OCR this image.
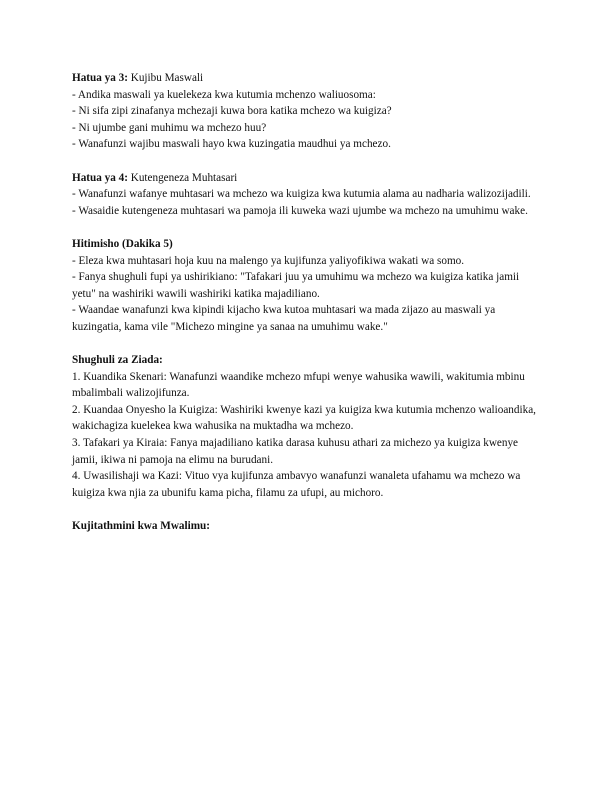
Hatua ya 3: Kujibu Maswali
- Andika maswali ya kuelekeza kwa kutumia mchenzo waliuosoma:
- Ni sifa zipi zinafanya mchezaji kuwa bora katika mchezo wa kuigiza?
- Ni ujumbe gani muhimu wa mchezo huu?
- Wanafunzi wajibu maswali hayo kwa kuzingatia maudhui ya mchezo.
Hatua ya 4: Kutengeneza Muhtasari
- Wanafunzi wafanye muhtasari wa mchezo wa kuigiza kwa kutumia alama au nadharia walizozijadili.
- Wasaidie kutengeneza muhtasari wa pamoja ili kuweka wazi ujumbe wa mchezo na umuhimu wake.
Hitimisho (Dakika 5)
- Eleza kwa muhtasari hoja kuu na malengo ya kujifunza yaliyofikiwa wakati wa somo.
- Fanya shughuli fupi ya ushirikiano: "Tafakari juu ya umuhimu wa mchezo wa kuigiza katika jamii yetu" na washiriki wawili washiriki katika majadiliano.
- Waandae wanafunzi kwa kipindi kijacho kwa kutoa muhtasari wa mada zijazo au maswali ya kuzingatia, kama vile "Michezo mingine ya sanaa na umuhimu wake."
Shughuli za Ziada:
1. Kuandika Skenari: Wanafunzi waandike mchezo mfupi wenye wahusika wawili, wakitumia mbinu mbalimbali walizojifunza.
2. Kuandaa Onyesho la Kuigiza: Washiriki kwenye kazi ya kuigiza kwa kutumia mchenzo walioandika, wakichagiza kuelekea kwa wahusika na muktadha wa mchezo.
3. Tafakari ya Kiraia: Fanya majadiliano katika darasa kuhusu athari za michezo ya kuigiza kwenye jamii, ikiwa ni pamoja na elimu na burudani.
4. Uwasilishaji wa Kazi: Vituo vya kujifunza ambavyo wanafunzi wanaleta ufahamu wa mchezo wa kuigiza kwa njia za ubunifu kama picha, filamu za ufupi, au michoro.
Kujitathmini kwa Mwalimu:
